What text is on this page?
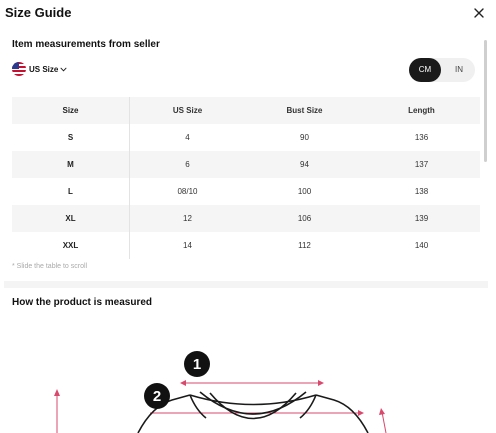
Size Guide
Item measurements from seller
US Size	CM	IN
Size	US Size	Bust Size	Length
S	4	90	136
M	6	94	137
L	08/10	100	138
XL	12	106	139
XXL	14	112	140
* Slide the table to scroll
How the product is measured
1
2
